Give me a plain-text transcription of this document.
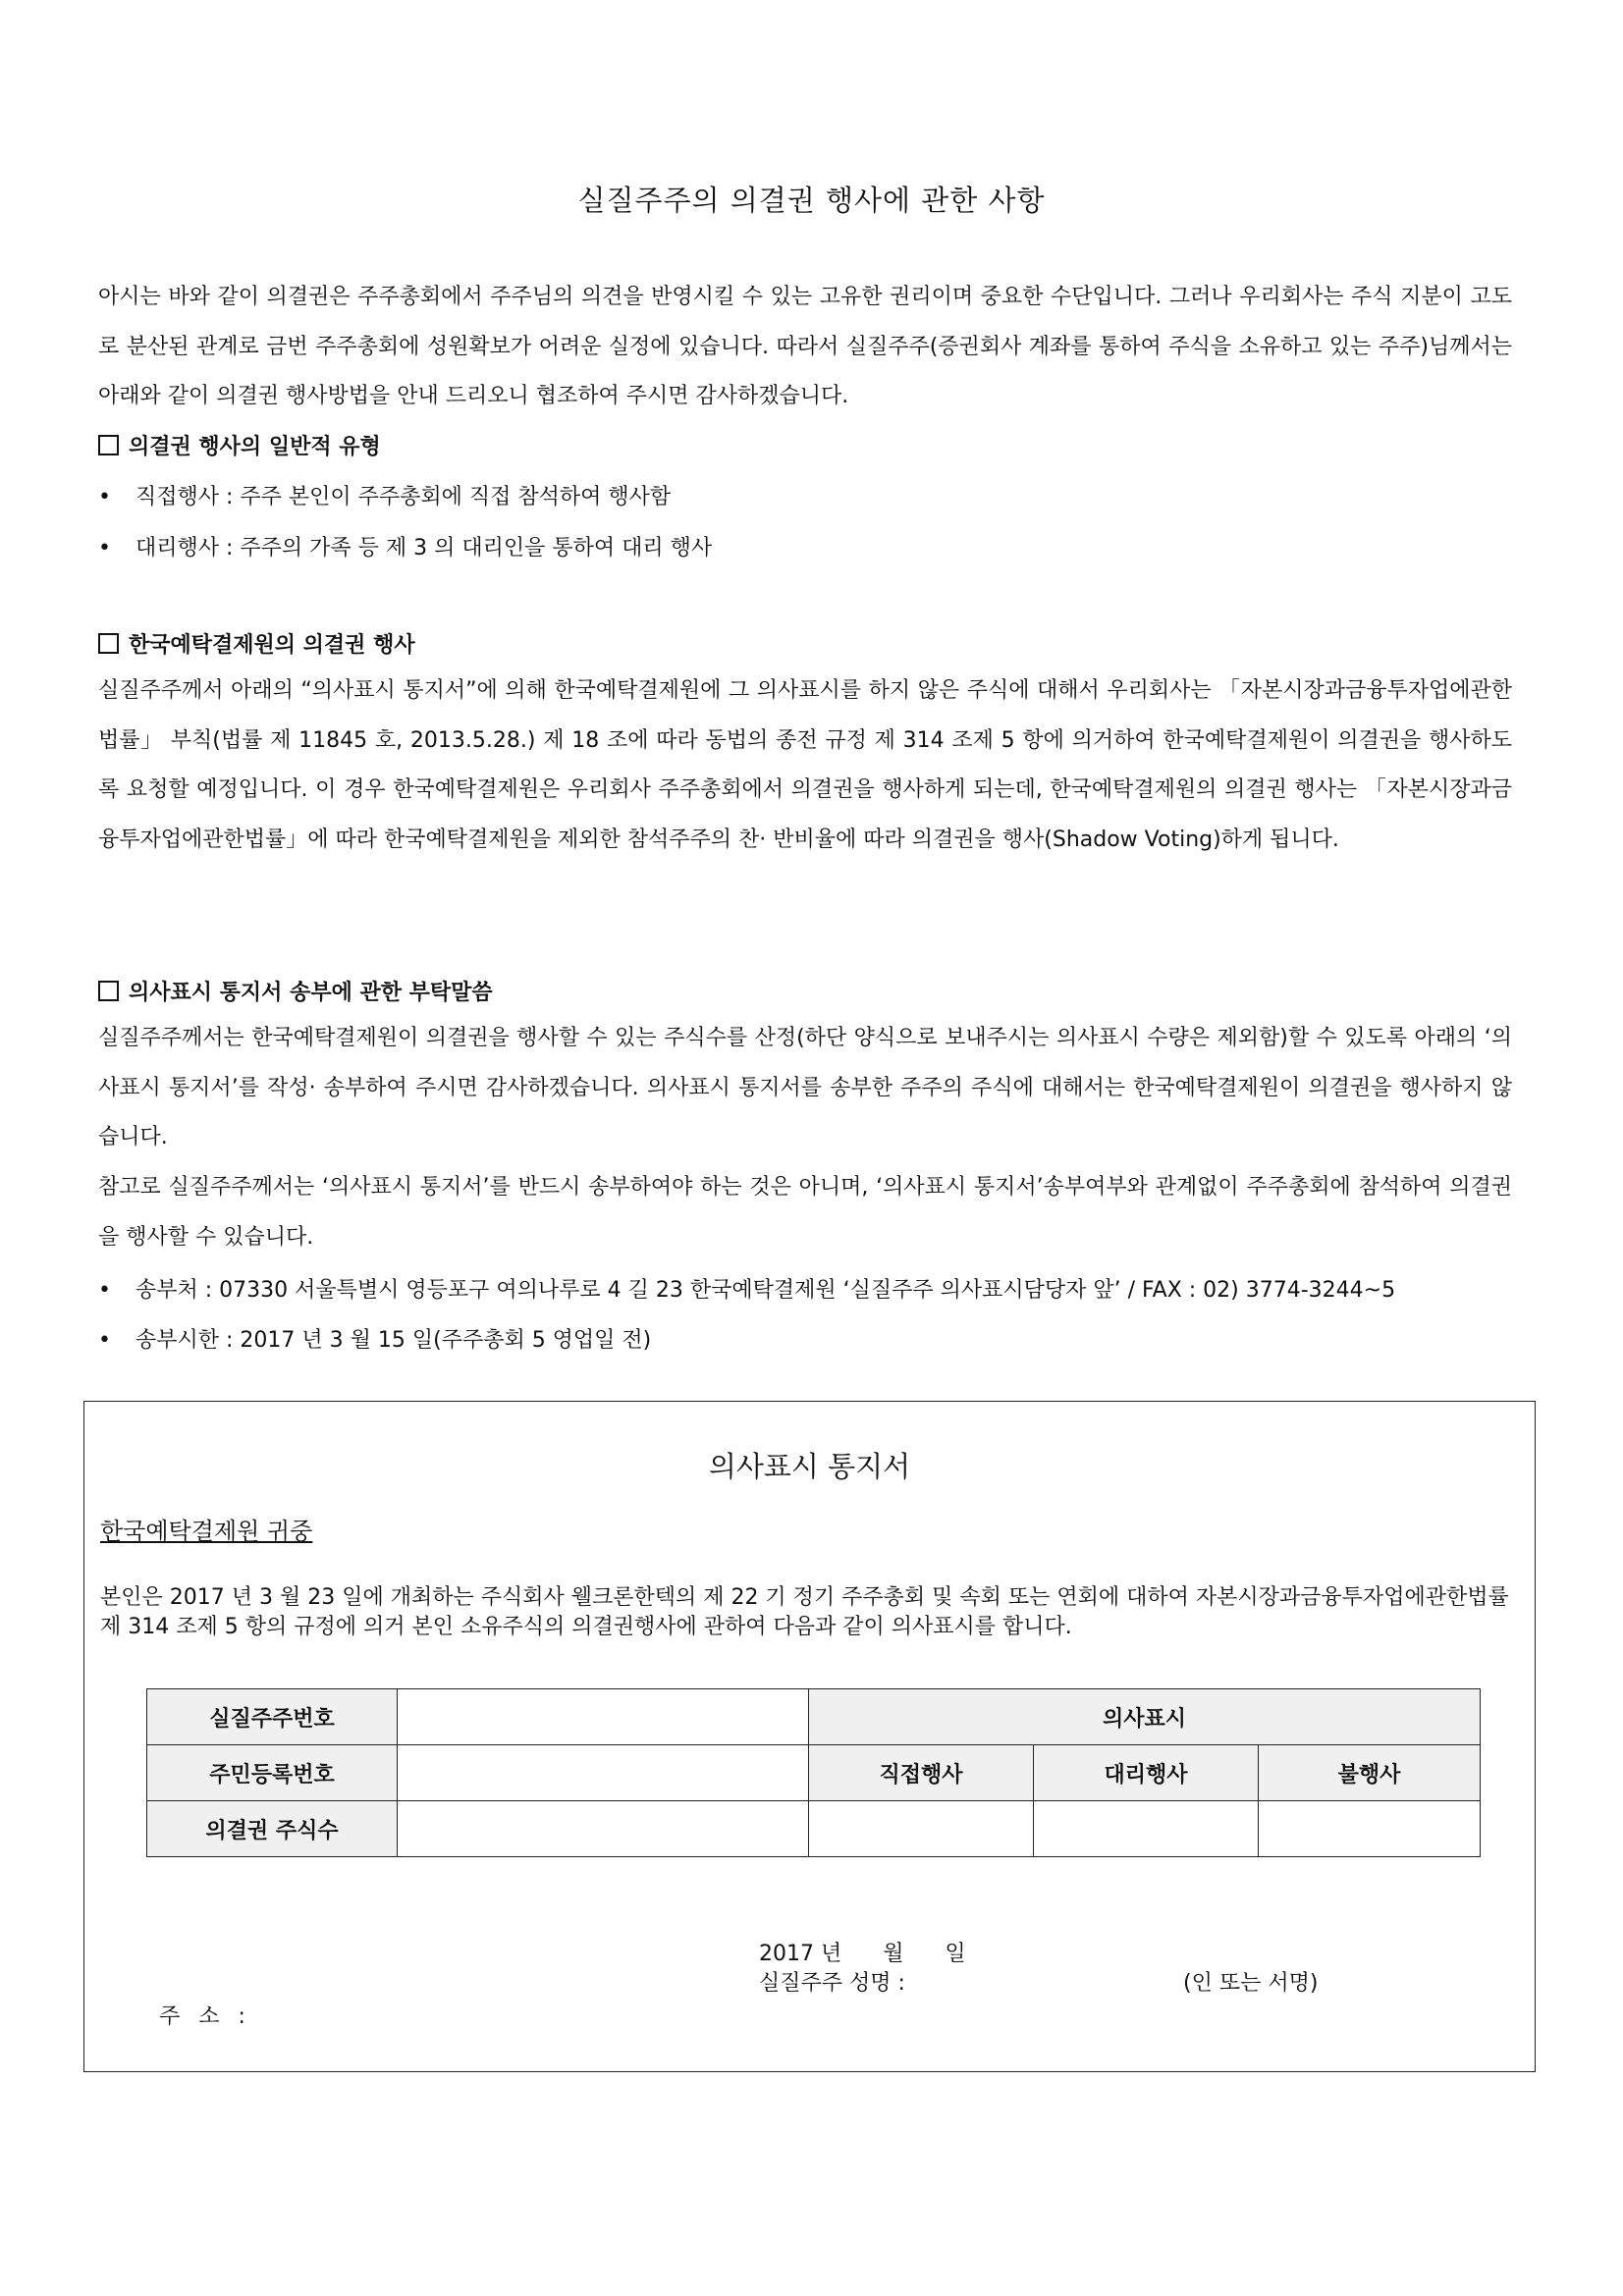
실질주주의 의결권 행사에 관한 사항
아시는 바와 같이 의결권은 주주총회에서 주주님의 의견을 반영시킬 수 있는 고유한 권리이며 중요한 수단입니다. 그러나 우리회사는 주식 지분이 고도로 분산된 관계로 금번 주주총회에 성원확보가 어려운 실정에 있습니다. 따라서 실질주주(증권회사 계좌를 통하여 주식을 소유하고 있는 주주)님께서는 아래와 같이 의결권 행사방법을 안내 드리오니 협조하여 주시면 감사하겠습니다.
의결권 행사의 일반적 유형
• 직접행사 : 주주 본인이 주주총회에 직접 참석하여 행사함
• 대리행사 : 주주의 가족 등 제 3 의 대리인을 통하여 대리 행사
한국예탁결제원의 의결권 행사
실질주주께서 아래의 “의사표시 통지서”에 의해 한국예탁결제원에 그 의사표시를 하지 않은 주식에 대해서 우리회사는 「자본시장과금융투자업에관한법률」 부칙(법률 제 11845 호, 2013.5.28.) 제 18 조에 따라 동법의 종전 규정 제 314 조제 5 항에 의거하여 한국예탁결제원이 의결권을 행사하도록 요청할 예정입니다. 이 경우 한국예탁결제원은 우리회사 주주총회에서 의결권을 행사하게 되는데, 한국예탁결제원의 의결권 행사는 「자본시장과금융투자업에관한법률」에 따라 한국예탁결제원을 제외한 참석주주의 찬· 반비율에 따라 의결권을 행사(Shadow Voting)하게 됩니다.
의사표시 통지서 송부에 관한 부탁말씀
실질주주께서는 한국예탁결제원이 의결권을 행사할 수 있는 주식수를 산정(하단 양식으로 보내주시는 의사표시 수량은 제외함)할 수 있도록 아래의 ‘의사표시 통지서’를 작성· 송부하여 주시면 감사하겠습니다. 의사표시 통지서를 송부한 주주의 주식에 대해서는 한국예탁결제원이 의결권을 행사하지 않습니다.
참고로 실질주주께서는 ‘의사표시 통지서’를 반드시 송부하여야 하는 것은 아니며, ‘의사표시 통지서’송부여부와 관계없이 주주총회에 참석하여 의결권을 행사할 수 있습니다.
• 송부처 : 07330 서울특별시 영등포구 여의나루로 4 길 23 한국예탁결제원 ‘실질주주 의사표시담당자 앞’ / FAX : 02) 3774-3244~5
• 송부시한 : 2017 년 3 월 15 일(주주총회 5 영업일 전)
의사표시 통지서
한국예탁결제원 귀중
본인은 2017 년 3 월 23 일에 개최하는 주식회사 웰크론한텍의 제 22 기 정기 주주총회 및 속회 또는 연회에 대하여 자본시장과금융투자업에관한법률 제 314 조제 5 항의 규정에 의거 본인 소유주식의 의결권행사에 관하여 다음과 같이 의사표시를 합니다.
실질주주번호		의사표시		
주민등록번호		직접행사	대리행사	불행사
의결권 주식수				
2017 년      월      일
실질주주 성명 :	(인 또는 서명)
주 소 :
